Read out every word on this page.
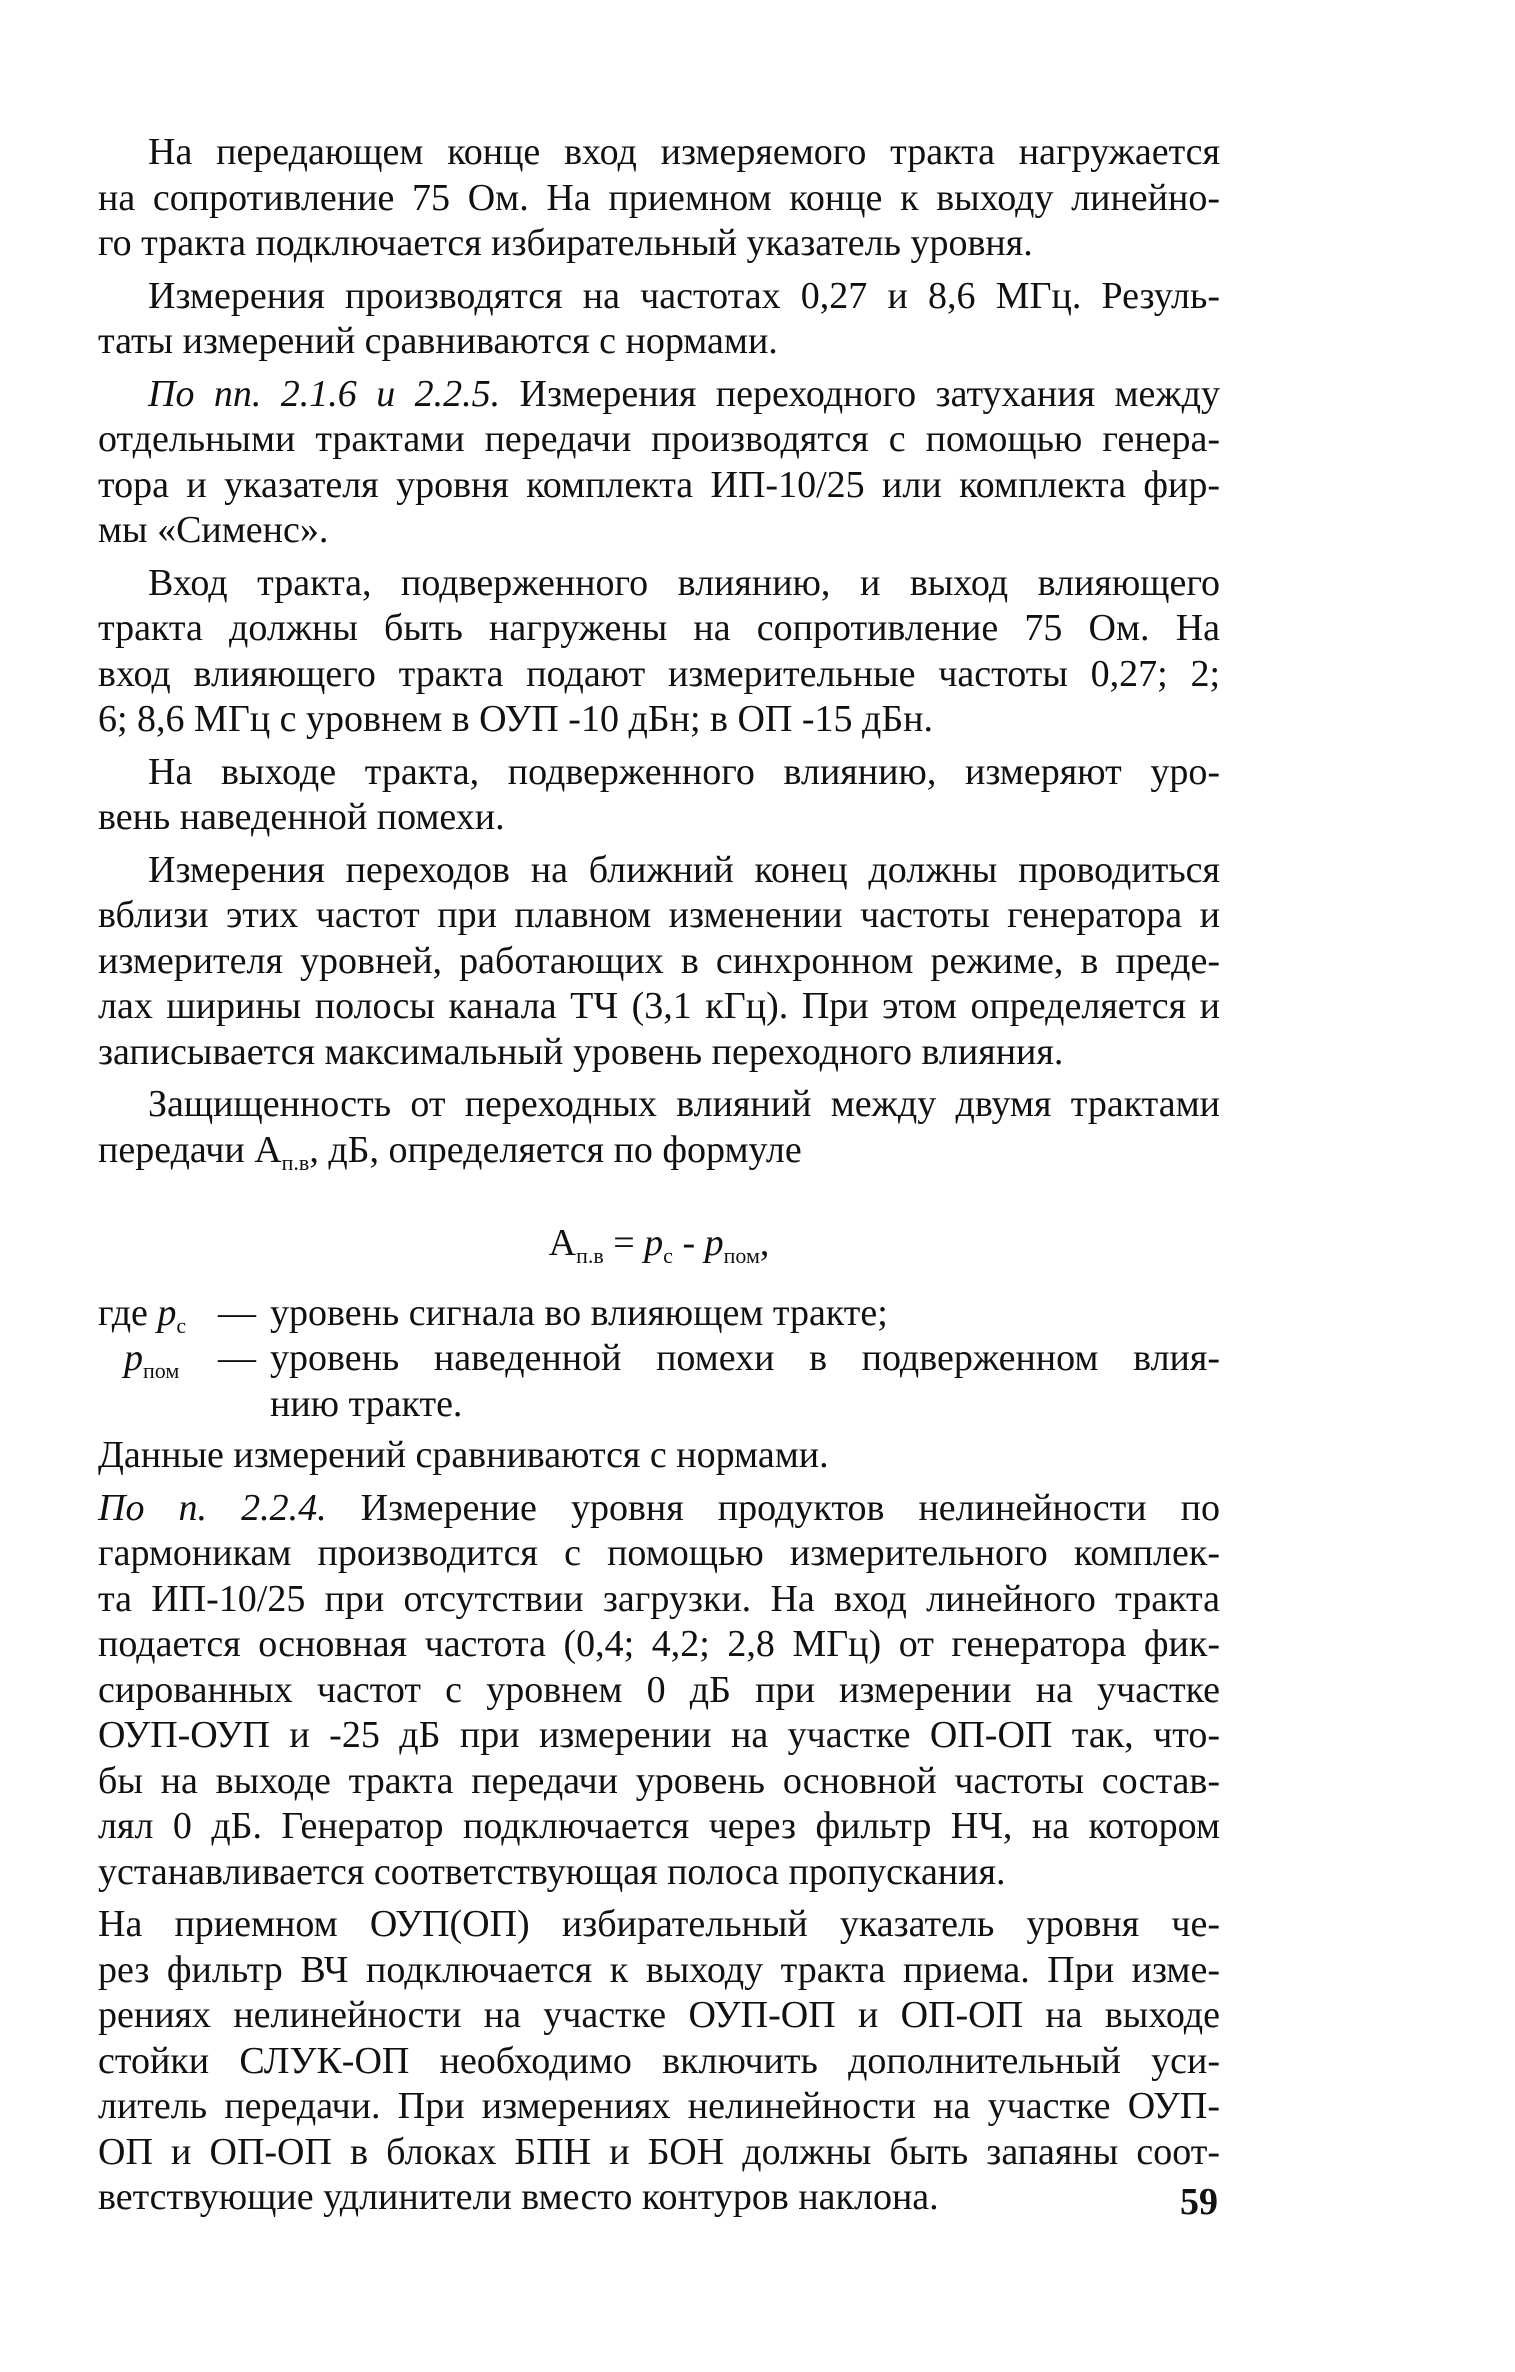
На передающем конце вход измеряемого тракта нагружается
на сопротивление 75 Ом. На приемном конце к выходу линейно-
го тракта подключается избирательный указатель уровня.
Измерения производятся на частотах 0,27 и 8,6 МГц. Резуль-
таты измерений сравниваются с нормами.
По пп. 2.1.6 и 2.2.5. Измерения переходного затухания между
отдельными трактами передачи производятся с помощью генера-
тора и указателя уровня комплекта ИП-10/25 или комплекта фир-
мы «Сименс».
Вход тракта, подверженного влиянию, и выход влияющего
тракта должны быть нагружены на сопротивление 75 Ом. На
вход влияющего тракта подают измерительные частоты 0,27; 2;
6; 8,6 МГц с уровнем в ОУП -10 дБн; в ОП -15 дБн.
На выходе тракта, подверженного влиянию, измеряют уро-
вень наведенной помехи.
Измерения переходов на ближний конец должны проводиться
вблизи этих частот при плавном изменении частоты генератора и
измерителя уровней, работающих в синхронном режиме, в преде-
лах ширины полосы канала ТЧ (3,1 кГц). При этом определяется и
записывается максимальный уровень переходного влияния.
Защищенность от переходных влияний между двумя трактами
передачи $А_{п.в}$, дБ, определяется по формуле
$А_{п.в} = p_с - p_{пом}$,
где $p_с$ — уровень сигнала во влияющем тракте;
$p_{пом}$	— уровень наведенной помехи в подверженном влия-
нию тракте.
Данные измерений сравниваются с нормами.
По п. 2.2.4. Измерение уровня продуктов нелинейности по
гармоникам производится с помощью измерительного комплек-
та ИП-10/25 при отсутствии загрузки. На вход линейного тракта
подается основная частота (0,4; 4,2; 2,8 МГц) от генератора фик-
сированных частот с уровнем 0 дБ при измерении на участке
ОУП-ОУП и -25 дБ при измерении на участке ОП-ОП так, что-
бы на выходе тракта передачи уровень основной частоты состав-
лял 0 дБ. Генератор подключается через фильтр НЧ, на котором
устанавливается соответствующая полоса пропускания.
На приемном ОУП(ОП) избирательный указатель уровня че-
рез фильтр ВЧ подключается к выходу тракта приема. При изме-
рениях нелинейности на участке ОУП-ОП и ОП-ОП на выходе
стойки СЛУК-ОП необходимо включить дополнительный уси-
литель передачи. При измерениях нелинейности на участке ОУП-
ОП и ОП-ОП в блоках БПН и БОН должны быть запаяны соот-
ветствующие удлинители вместо контуров наклона.	59
